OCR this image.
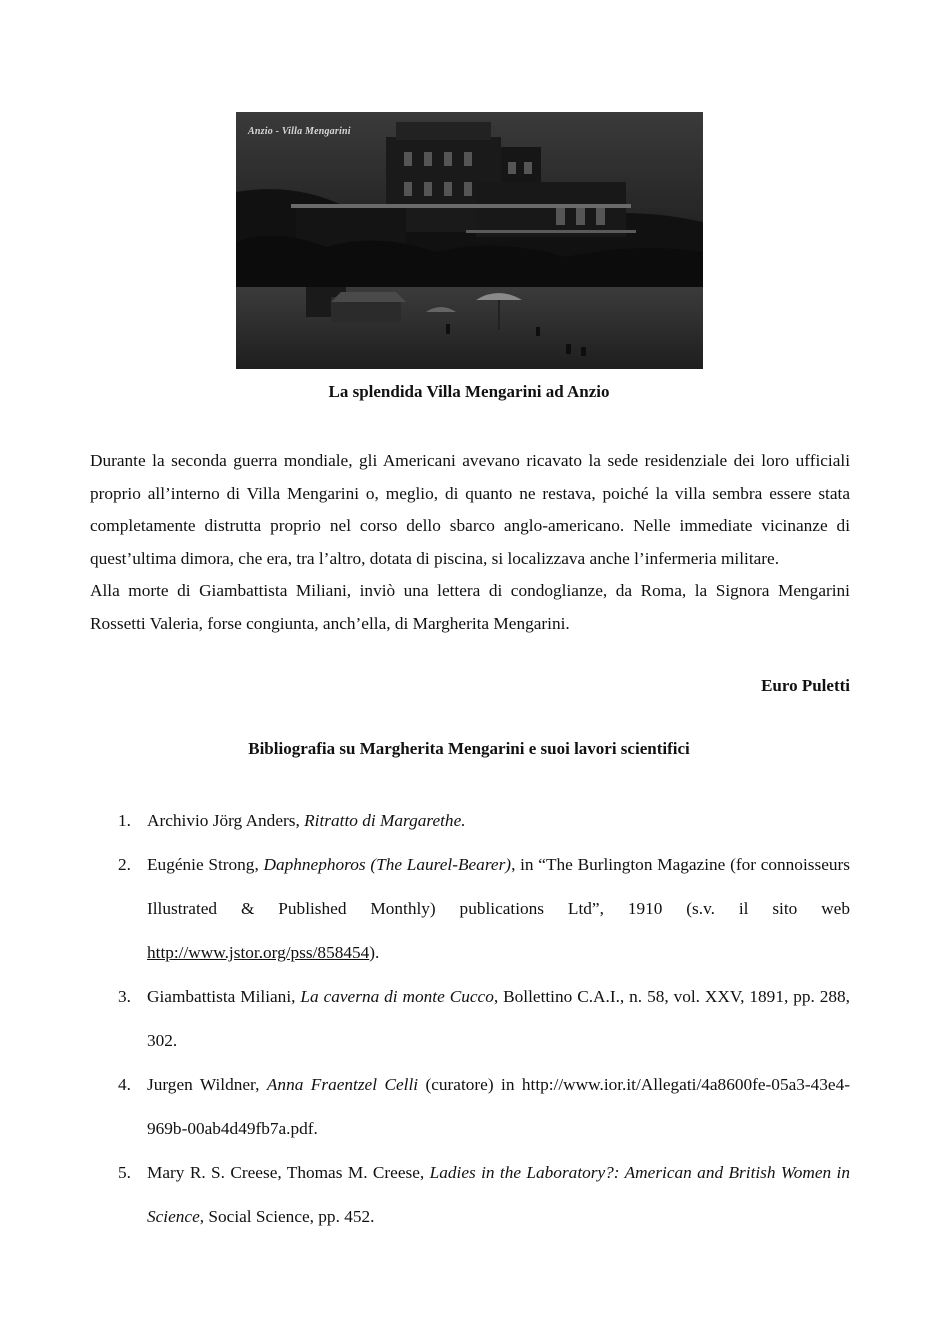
Anzio - Villa Mengarini
La splendida Villa Mengarini ad Anzio

Durante la seconda guerra mondiale, gli Americani avevano ricavato la sede residenziale dei loro ufficiali proprio all’interno di Villa Mengarini o, meglio, di quanto ne restava, poiché la villa sembra essere stata completamente distrutta proprio nel corso dello sbarco anglo-americano. Nelle immediate vicinanze di quest’ultima dimora, che era, tra l’altro, dotata di piscina, si localizzava anche l’infermeria militare.

Alla morte di Giambattista Miliani, inviò una lettera di condoglianze, da Roma, la Signora Mengarini Rossetti Valeria, forse congiunta, anch’ella, di Margherita Mengarini.

Euro Puletti
Bibliografia su Margherita Mengarini e suoi lavori scientifici
1. Archivio Jörg Anders, Ritratto di Margarethe.
2. Eugénie Strong, Daphnephoros (The Laurel-Bearer), in “The Burlington Magazine (for connoisseurs Illustrated & Published Monthly) publications Ltd”, 1910 (s.v. il sito web http://www.jstor.org/pss/858454).
3. Giambattista Miliani, La caverna di monte Cucco, Bollettino C.A.I., n. 58, vol. XXV, 1891, pp. 288, 302.
4. Jurgen Wildner, Anna Fraentzel Celli (curatore) in http://www.ior.it/Allegati/4a8600fe-05a3-43e4-969b-00ab4d49fb7a.pdf.
5. Mary R. S. Creese, Thomas M. Creese, Ladies in the Laboratory?: American and British Women in Science, Social Science, pp. 452.
